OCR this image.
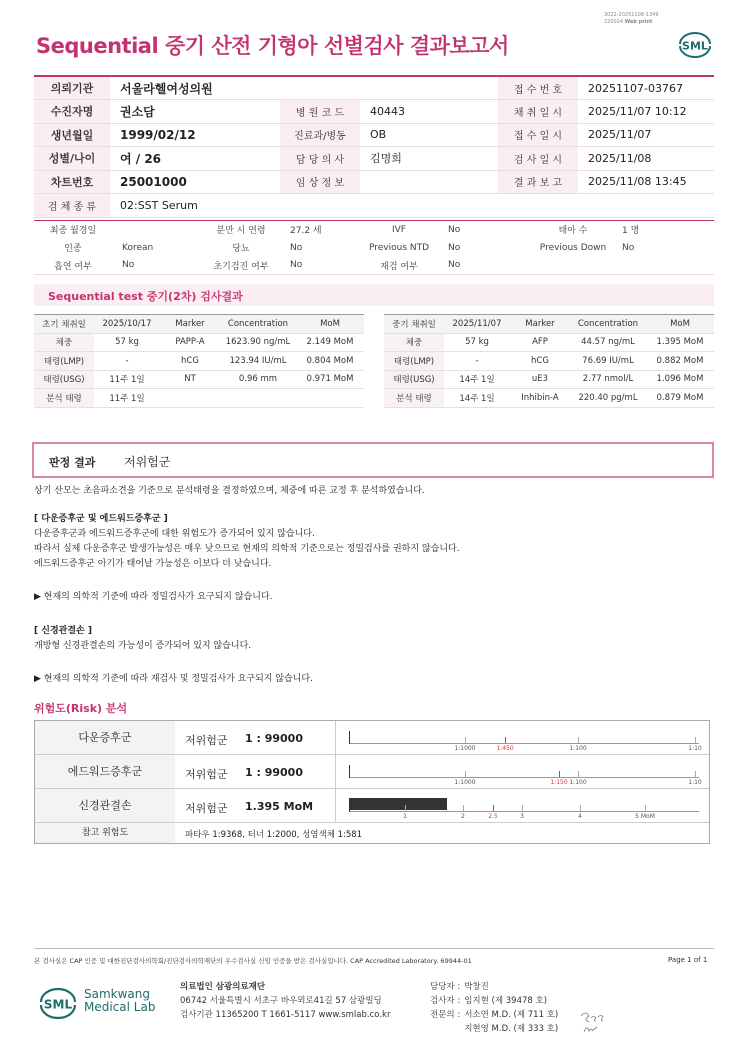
Sequential 중기 산전 기형아 선별검사 결과보고서
3022-20251108-1349
220024 Web print
SML
의뢰기관	서울라헬여성의원			접 수 번 호	20251107-03767
수진자명	권소담	병 원 코 드	40443	채 취 일 시	2025/11/07 10:12
생년월일	1999/02/12	진료과/병동	OB	접 수 일 시	2025/11/07
성별/나이	여 / 26	담 당 의 사	김명희	검 사 일 시	2025/11/08
차트번호	25001000	임 상 정 보		결 과 보 고	2025/11/08 13:45
검 체 종 류	02:SST Serum				
최종 월경일		분만 시 연령	27.2 세	IVF	No	태아 수	1 명
인종	Korean	당뇨	No	Previous NTD	No	Previous Down	No
흡연 여부	No	초기검진 여부	No	재검 여부	No		
Sequential test 중기(2차) 검사결과
초기 채취일	2025/10/17	Marker	Concentration	MoM
체중	57 kg	PAPP-A	1623.90 ng/mL	2.149 MoM
태령(LMP)	-	hCG	123.94 IU/mL	0.804 MoM
태령(USG)	11주 1일	NT	0.96 mm	0.971 MoM
분석 태령	11주 1일			
중기 채취일	2025/11/07	Marker	Concentration	MoM
체중	57 kg	AFP	44.57 ng/mL	1.395 MoM
태령(LMP)	-	hCG	76.69 IU/mL	0.882 MoM
태령(USG)	14주 1일	uE3	2.77 nmol/L	1.096 MoM
분석 태령	14주 1일	Inhibin-A	220.40 pg/mL	0.879 MoM
판정 결과 저위험군
상기 산모는 초음파소견을 기준으로 분석태령을 결정하였으며, 체중에 따른 교정 후 분석하였습니다.
[ 다운증후군 및 에드워드증후군 ]
다운증후군과 에드워드증후군에 대한 위험도가 증가되어 있지 않습니다.
따라서 실제 다운증후군 발생가능성은 매우 낮으므로 현재의 의학적 기준으로는 정밀검사를 권하지 않습니다.
에드워드증후군 아기가 태어날 가능성은 이보다 더 낮습니다.
▶ 현재의 의학적 기준에 따라 정밀검사가 요구되지 않습니다.
[ 신경관결손 ]
개방형 신경관결손의 가능성이 증가되어 있지 않습니다.
▶ 현재의 의학적 기준에 따라 재검사 및 정밀검사가 요구되지 않습니다.
위험도(Risk) 분석
다운증후군	저위험군 1 : 99000
1:1000	1:450	1:100	1:10
에드워드증후군	저위험군 1 : 99000
1:1000	1:150 1:100	1:10
신경관결손	저위험군 1.395 MoM
1	2	2.5	3	4	5 MoM
참고 위험도	파타우 1:9368, 터너 1:2000, 성염색체 1:581
본 검사실은 CAP 인증 및 대한진단검사의학회/진단검사의학재단의 우수검사실 신임 인증을 받은 검사실입니다. CAP Accredited Laboratory. 69944-01	Page 1 of 1
SML
Samkwang
Medical Lab
의료법인 삼광의료재단
06742 서울특별시 서초구 바우뫼로41길 57 삼광빌딩
검사기관 11365200 T 1661-5117 www.smlab.co.kr
담당자 :	박창진
검사자 :	임지현 (제 39478 호)
전문의 :	서소연 M.D. (제 711 호)
	지현영 M.D. (제 333 호)
